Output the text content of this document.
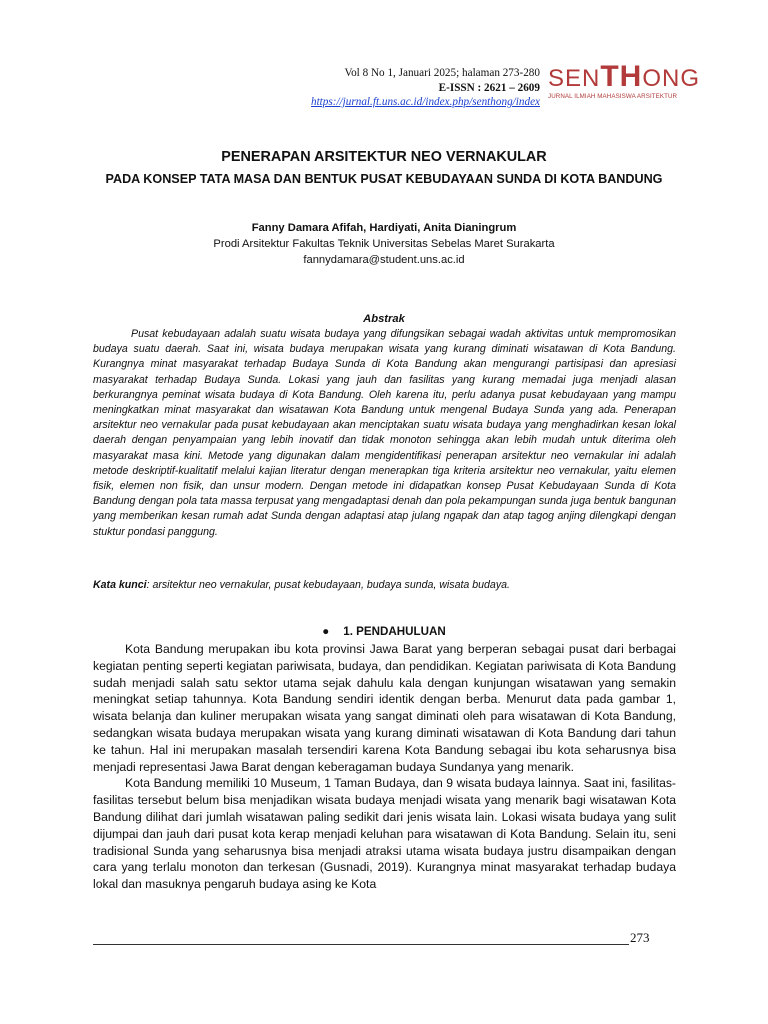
Vol 8 No 1, Januari 2025; halaman 273-280
E-ISSN : 2621 – 2609
https://jurnal.ft.uns.ac.id/index.php/senthong/index
SENTHONG
JURNAL ILMIAH MAHASISWA ARSITEKTUR
PENERAPAN ARSITEKTUR NEO VERNAKULAR
PADA KONSEP TATA MASA DAN BENTUK PUSAT KEBUDAYAAN SUNDA DI KOTA BANDUNG
Fanny Damara Afifah, Hardiyati, Anita Dianingrum
Prodi Arsitektur Fakultas Teknik Universitas Sebelas Maret Surakarta
fannydamara@student.uns.ac.id
Abstrak
Pusat kebudayaan adalah suatu wisata budaya yang difungsikan sebagai wadah aktivitas untuk mempromosikan budaya suatu daerah. Saat ini, wisata budaya merupakan wisata yang kurang diminati wisatawan di Kota Bandung. Kurangnya minat masyarakat terhadap Budaya Sunda di Kota Bandung akan mengurangi partisipasi dan apresiasi masyarakat terhadap Budaya Sunda. Lokasi yang jauh dan fasilitas yang kurang memadai juga menjadi alasan berkurangnya peminat wisata budaya di Kota Bandung. Oleh karena itu, perlu adanya pusat kebudayaan yang mampu meningkatkan minat masyarakat dan wisatawan Kota Bandung untuk mengenal Budaya Sunda yang ada. Penerapan arsitektur neo vernakular pada pusat kebudayaan akan menciptakan suatu wisata budaya yang menghadirkan kesan lokal daerah dengan penyampaian yang lebih inovatif dan tidak monoton sehingga akan lebih mudah untuk diterima oleh masyarakat masa kini. Metode yang digunakan dalam mengidentifikasi penerapan arsitektur neo vernakular ini adalah metode deskriptif-kualitatif melalui kajian literatur dengan menerapkan tiga kriteria arsitektur neo vernakular, yaitu elemen fisik, elemen non fisik, dan unsur modern. Dengan metode ini didapatkan konsep Pusat Kebudayaan Sunda di Kota Bandung dengan pola tata massa terpusat yang mengadaptasi denah dan pola pekampungan sunda juga bentuk bangunan yang memberikan kesan rumah adat Sunda dengan adaptasi atap julang ngapak dan atap tagog anjing dilengkapi dengan stuktur pondasi panggung.
Kata kunci: arsitektur neo vernakular, pusat kebudayaan, budaya sunda, wisata budaya.
● 1. PENDAHULUAN

Kota Bandung merupakan ibu kota provinsi Jawa Barat yang berperan sebagai pusat dari berbagai kegiatan penting seperti kegiatan pariwisata, budaya, dan pendidikan. Kegiatan pariwisata di Kota Bandung sudah menjadi salah satu sektor utama sejak dahulu kala dengan kunjungan wisatawan yang semakin meningkat setiap tahunnya. Kota Bandung sendiri identik dengan berba. Menurut data pada gambar 1, wisata belanja dan kuliner merupakan wisata yang sangat diminati oleh para wisatawan di Kota Bandung, sedangkan wisata budaya merupakan wisata yang kurang diminati wisatawan di Kota Bandung dari tahun ke tahun. Hal ini merupakan masalah tersendiri karena Kota Bandung sebagai ibu kota seharusnya bisa menjadi representasi Jawa Barat dengan keberagaman budaya Sundanya yang menarik.

Kota Bandung memiliki 10 Museum, 1 Taman Budaya, dan 9 wisata budaya lainnya. Saat ini, fasilitas-fasilitas tersebut belum bisa menjadikan wisata budaya menjadi wisata yang menarik bagi wisatawan Kota Bandung dilihat dari jumlah wisatawan paling sedikit dari jenis wisata lain. Lokasi wisata budaya yang sulit dijumpai dan jauh dari pusat kota kerap menjadi keluhan para wisatawan di Kota Bandung. Selain itu, seni tradisional Sunda yang seharusnya bisa menjadi atraksi utama wisata budaya justru disampaikan dengan cara yang terlalu monoton dan terkesan (Gusnadi, 2019). Kurangnya minat masyarakat terhadap budaya lokal dan masuknya pengaruh budaya asing ke Kota

273
